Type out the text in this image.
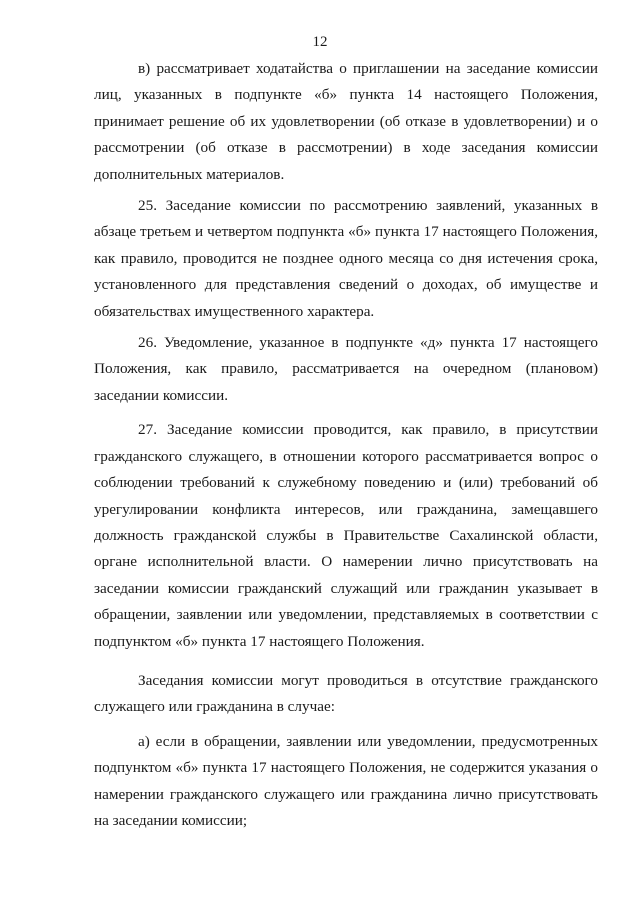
12

в) рассматривает ходатайства о приглашении на заседание комиссии лиц, указанных в подпункте «б» пункта 14 настоящего Положения, принимает решение об их удовлетворении (об отказе в удовлетворении) и о рассмотрении (об отказе в рассмотрении) в ходе заседания комиссии дополнительных материалов.

25. Заседание комиссии по рассмотрению заявлений, указанных в абзаце третьем и четвертом подпункта «б» пункта 17 настоящего Положения, как правило, проводится не позднее одного месяца со дня истечения срока, установленного для представления сведений о доходах, об имуществе и обязательствах имущественного характера.

26. Уведомление, указанное в подпункте «д» пункта 17 настоящего Положения, как правило, рассматривается на очередном (плановом) заседании комиссии.

27. Заседание комиссии проводится, как правило, в присутствии гражданского служащего, в отношении которого рассматривается вопрос о соблюдении требований к служебному поведению и (или) требований об урегулировании конфликта интересов, или гражданина, замещавшего должность гражданской службы в Правительстве Сахалинской области, органе исполнительной власти. О намерении лично присутствовать на заседании комиссии гражданский служащий или гражданин указывает в обращении, заявлении или уведомлении, представляемых в соответствии с подпунктом «б» пункта 17 настоящего Положения.

Заседания комиссии могут проводиться в отсутствие гражданского служащего или гражданина в случае:

а) если в обращении, заявлении или уведомлении, предусмотренных подпунктом «б» пункта 17 настоящего Положения, не содержится указания о намерении гражданского служащего или гражданина лично присутствовать на заседании комиссии;
